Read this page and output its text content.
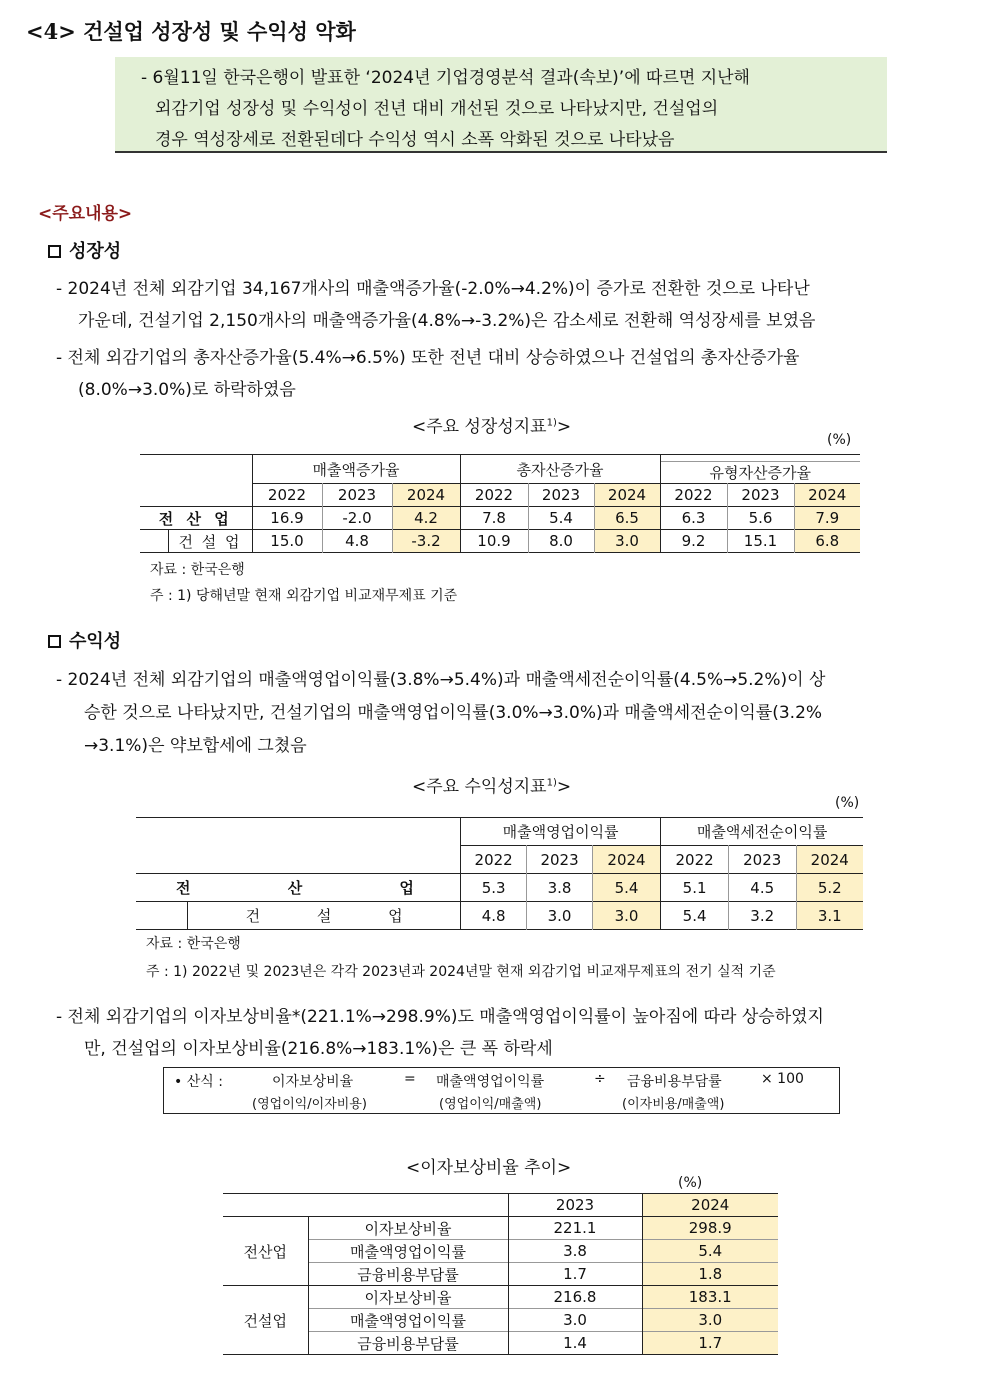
<4> 건설업 성장성 및 수익성 악화
- 6월11일 한국은행이 발표한 ‘2024년 기업경영분석 결과(속보)’에 따르면 지난해
외감기업 성장성 및 수익성이 전년 대비 개선된 것으로 나타났지만, 건설업의
경우 역성장세로 전환된데다 수익성 역시 소폭 악화된 것으로 나타났음
<주요내용>
성장성
- 2024년 전체 외감기업 34,167개사의 매출액증가율(-2.0%→4.2%)이 증가로 전환한 것으로 나타난
가운데, 건설기업 2,150개사의 매출액증가율(4.8%→-3.2%)은 감소세로 전환해 역성장세를 보였음
- 전체 외감기업의 총자산증가율(5.4%→6.5%) 또한 전년 대비 상승하였으나 건설업의 총자산증가율
(8.0%→3.0%)로 하락하였음
<주요 성장성지표$^{1)}$>
(%)
		매출액증가율			총자산증가율			유형자산증가율		

		2022	2023	2024	2022	2023	2024	2022	2023	2024
전 산 업		16.9	-2.0	4.2	7.8	5.4	6.5	6.3	5.6	7.9
	건 설 업	15.0	4.8	-3.2	10.9	8.0	3.0	9.2	15.1	6.8
자료 : 한국은행
주 : 1) 당해년말 현재 외감기업 비교재무제표 기준
수익성
- 2024년 전체 외감기업의 매출액영업이익률(3.8%→5.4%)과 매출액세전순이익률(4.5%→5.2%)이 상
승한 것으로 나타났지만, 건설기업의 매출액영업이익률(3.0%→3.0%)과 매출액세전순이익률(3.2%
→3.1%)은 약보합세에 그쳤음
<주요 수익성지표$^{1)}$>
(%)
		매출액영업이익률			매출액세전순이익률		
		2022	2023	2024	2022	2023	2024
전 산 업		5.3	3.8	5.4	5.1	4.5	5.2
	건 설 업	4.8	3.0	3.0	5.4	3.2	3.1
자료 : 한국은행
주 : 1) 2022년 및 2023년은 각각 2023년과 2024년말 현재 외감기업 비교재무제표의 전기 실적 기준
- 전체 외감기업의 이자보상비율*(221.1%→298.9%)도 매출액영업이익률이 높아짐에 따라 상승하였지
만, 건설업의 이자보상비율(216.8%→183.1%)은 큰 폭 하락세
• 산식 :	이자보상비율
(영업이익/이자비용)
= 매출액영업이익률
(영업이익/매출액)
÷ 금융비용부담률
(이자비용/매출액)
× 100
<이자보상비율 추이>
(%)
		2023	2024
전산업	이자보상비율	221.1	298.9
	매출액영업이익률	3.8	5.4
	금융비용부담률	1.7	1.8
건설업	이자보상비율	216.8	183.1
	매출액영업이익률	3.0	3.0
	금융비용부담률	1.4	1.7
